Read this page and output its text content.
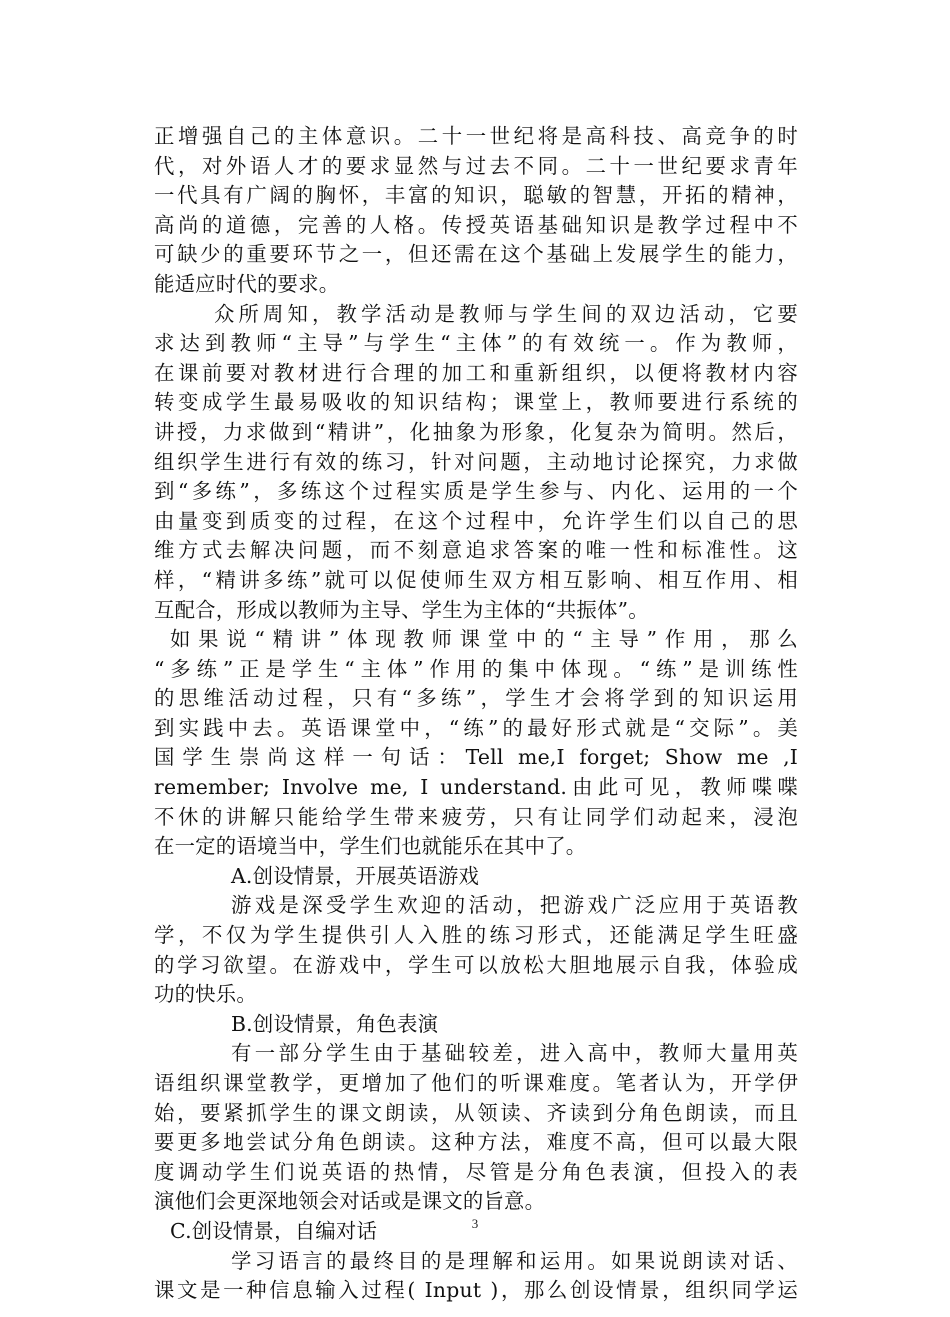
正增强自己的主体意识。二十一世纪将是高科技、高竞争的时
代，对外语人才的要求显然与过去不同。二十一世纪要求青年
一代具有广阔的胸怀，丰富的知识，聪敏的智慧，开拓的精神，
高尚的道德，完善的人格。传授英语基础知识是教学过程中不
可缺少的重要环节之一，但还需在这个基础上发展学生的能力，
能适应时代的要求。
众所周知，教学活动是教师与学生间的双边活动，它要
求达到教师“主导”与学生“主体”的有效统一。作为教师，
在课前要对教材进行合理的加工和重新组织，以便将教材内容
转变成学生最易吸收的知识结构；课堂上，教师要进行系统的
讲授，力求做到“精讲”，化抽象为形象，化复杂为简明。然后，
组织学生进行有效的练习，针对问题，主动地讨论探究，力求做
到“多练”，多练这个过程实质是学生参与、内化、运用的一个
由量变到质变的过程，在这个过程中，允许学生们以自己的思
维方式去解决问题，而不刻意追求答案的唯一性和标准性。这
样，“精讲多练”就可以促使师生双方相互影响、相互作用、相
互配合，形成以教师为主导、学生为主体的“共振体”。
如果说“精讲”体现教师课堂中的“主导”作用，那么
“多练”正是学生“主体”作用的集中体现。“练”是训练性
的思维活动过程，只有“多练”，学生才会将学到的知识运用
到实践中去。英语课堂中，“练”的最好形式就是“交际”。美
国学生崇尚这样一句话：Tell me,I forget; Show me ,I
remember; Involve me, I understand.由此可见，教师喋喋
不休的讲解只能给学生带来疲劳，只有让同学们动起来，浸泡
在一定的语境当中，学生们也就能乐在其中了。
A.创设情景，开展英语游戏
游戏是深受学生欢迎的活动，把游戏广泛应用于英语教
学，不仅为学生提供引人入胜的练习形式，还能满足学生旺盛
的学习欲望。在游戏中，学生可以放松大胆地展示自我，体验成
功的快乐。
B.创设情景，角色表演
有一部分学生由于基础较差，进入高中，教师大量用英
语组织课堂教学，更增加了他们的听课难度。笔者认为，开学伊
始，要紧抓学生的课文朗读，从领读、齐读到分角色朗读，而且
要更多地尝试分角色朗读。这种方法，难度不高，但可以最大限
度调动学生们说英语的热情，尽管是分角色表演，但投入的表
演他们会更深地领会对话或是课文的旨意。
C.创设情景，自编对话
学习语言的最终目的是理解和运用。如果说朗读对话、
课文是一种信息输入过程( Input )，那么创设情景，组织同学运
3
